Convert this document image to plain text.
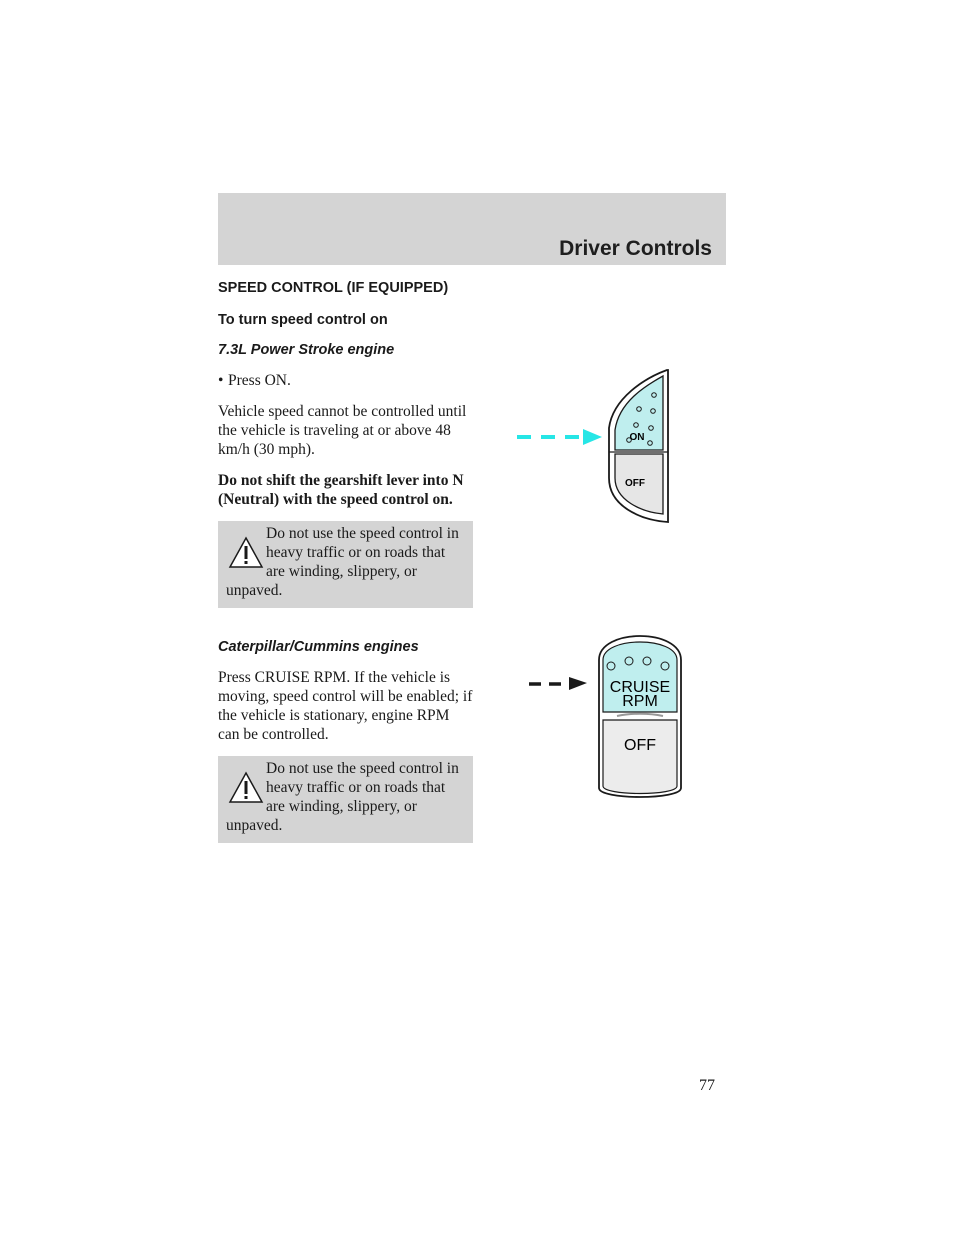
Driver Controls
SPEED CONTROL (IF EQUIPPED)
To turn speed control on
7.3L Power Stroke engine
• Press ON.

Vehicle speed cannot be controlled until the vehicle is traveling at or above 48 km/h (30 mph).

Do not shift the gearshift lever into N (Neutral) with the speed control on.

Do not use the speed control in heavy traffic or on roads that are winding, slippery, or unpaved.
Caterpillar/Cummins engines

Press CRUISE RPM. If the vehicle is moving, speed control will be enabled; if the vehicle is stationary, engine RPM can be controlled.

Do not use the speed control in heavy traffic or on roads that are winding, slippery, or unpaved.
ON
OFF
CRUISE
RPM
OFF

77
